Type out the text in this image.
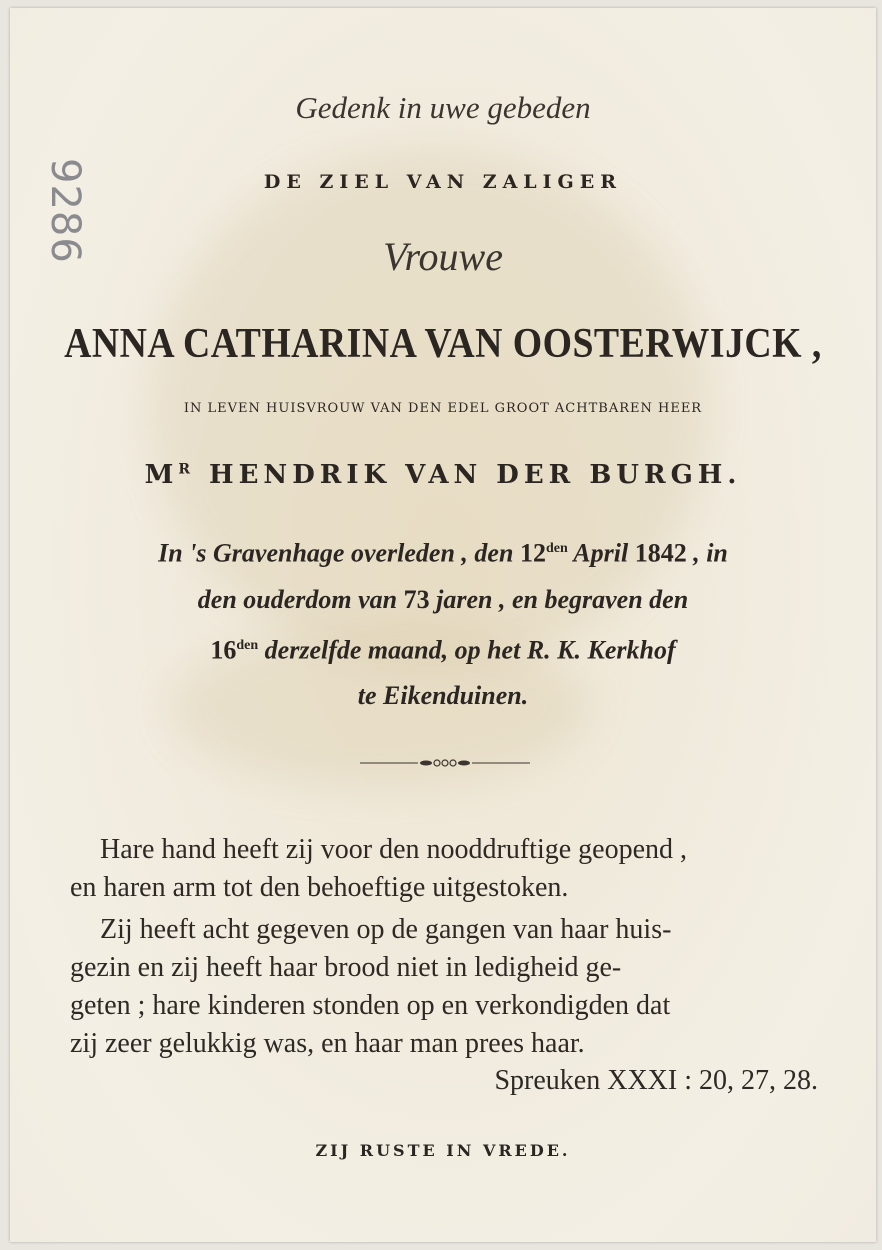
9286
Gedenk in uwe gebeden
DE ZIEL VAN ZALIGER
Vrouwe
ANNA CATHARINA VAN OOSTERWIJCK ,
IN LEVEN HUISVROUW VAN DEN EDEL GROOT ACHTBAREN HEER
$M^R$ HENDRIK VAN DER BURGH.
In 's Gravenhage overleden , den $12^{den}$ April 1842 , in
den ouderdom van 73 jaren , en begraven den
$16^{den}$ derzelfde maand, op het R. K. Kerkhof
te Eikenduinen.
Hare hand heeft zij voor den nooddruftige geopend ,
en haren arm tot den behoeftige uitgestoken.
Zij heeft acht gegeven op de gangen van haar huis-
gezin en zij heeft haar brood niet in ledigheid ge-
geten ; hare kinderen stonden op en verkondigden dat
zij zeer gelukkig was, en haar man prees haar.
Spreuken XXXI : 20, 27, 28.
ZIJ RUSTE IN VREDE.
